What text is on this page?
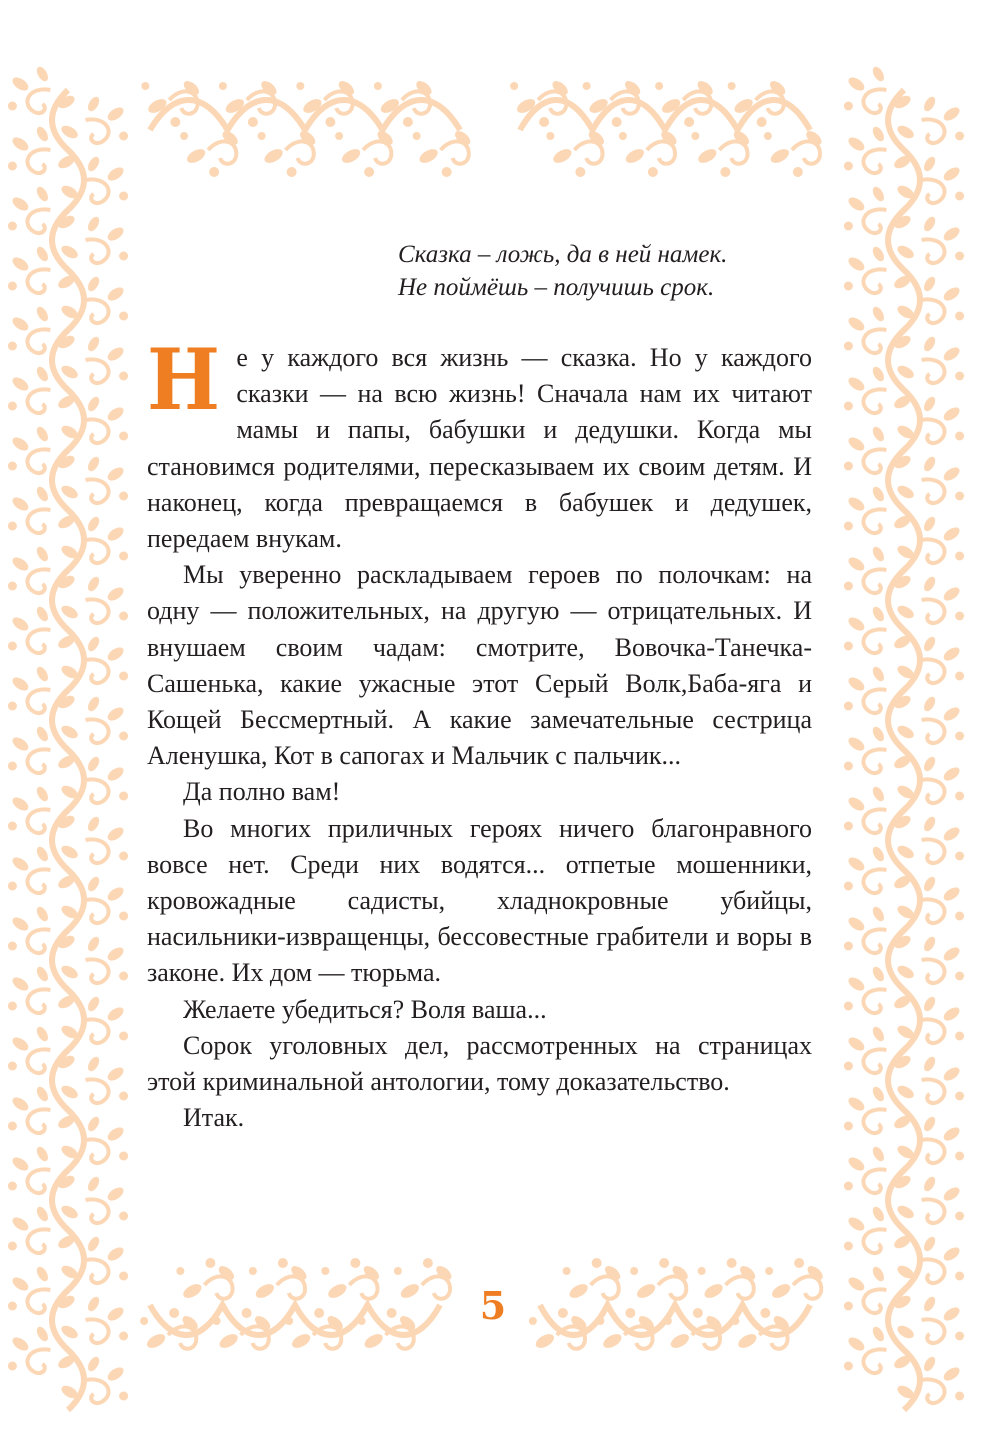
Сказка – ложь, да в ней намек.
Не поймёшь – получишь срок.

Не у каждого вся жизнь — сказка. Но у каждого сказки — на всю жизнь! Сначала нам их читают мамы и папы, бабушки и дедушки. Когда мы становимся родителями, пересказываем их своим детям. И наконец, когда превращаемся в бабушек и дедушек, передаем внукам.

Мы уверенно раскладываем героев по полочкам: на одну — положительных, на другую — отрицательных. И внушаем своим чадам: смотрите, Вовочка-Танечка-Сашенька, какие ужасные этот Серый Волк,Баба-яга и Кощей Бессмертный. А какие замечательные сестрица Аленушка, Кот в сапогах и Мальчик с пальчик...

Да полно вам!

Во многих приличных героях ничего благонравного вовсе нет. Среди них водятся... отпетые мошенники, кровожадные садисты, хладнокровные убийцы, насильники-извращенцы, бессовестные грабители и воры в законе. Их дом — тюрьма.

Желаете убедиться? Воля ваша...

Сорок уголовных дел, рассмотренных на страницах этой криминальной антологии, тому доказательство.

Итак.

5
